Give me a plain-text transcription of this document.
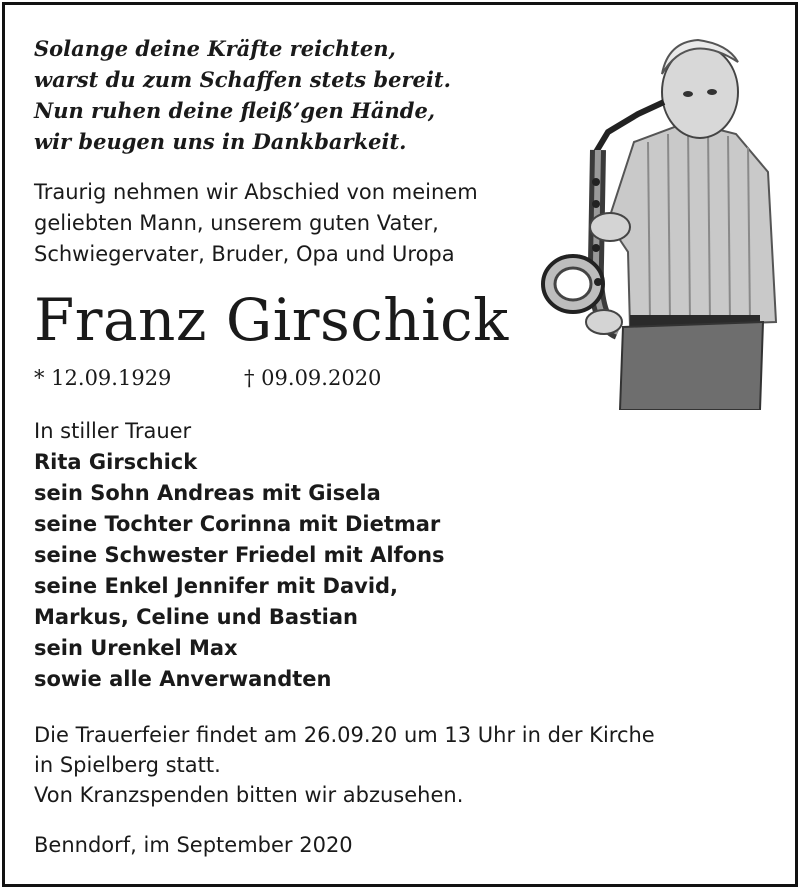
Solange deine Kräfte reichten,
warst du zum Schaffen stets bereit.
Nun ruhen deine fleiß’gen Hände,
wir beugen uns in Dankbarkeit.
Traurig nehmen wir Abschied von meinem
geliebten Mann, unserem guten Vater,
Schwiegervater, Bruder, Opa und Uropa
Franz Girschick
* 12.09.1929	† 09.09.2020
In stiller Trauer
Rita Girschick
sein Sohn Andreas mit Gisela
seine Tochter Corinna mit Dietmar
seine Schwester Friedel mit Alfons
seine Enkel Jennifer mit David,
Markus, Celine und Bastian
sein Urenkel Max
sowie alle Anverwandten
Die Trauerfeier findet am 26.09.20 um 13 Uhr in der Kirche
in Spielberg statt.
Von Kranzspenden bitten wir abzusehen.
Benndorf, im September 2020
